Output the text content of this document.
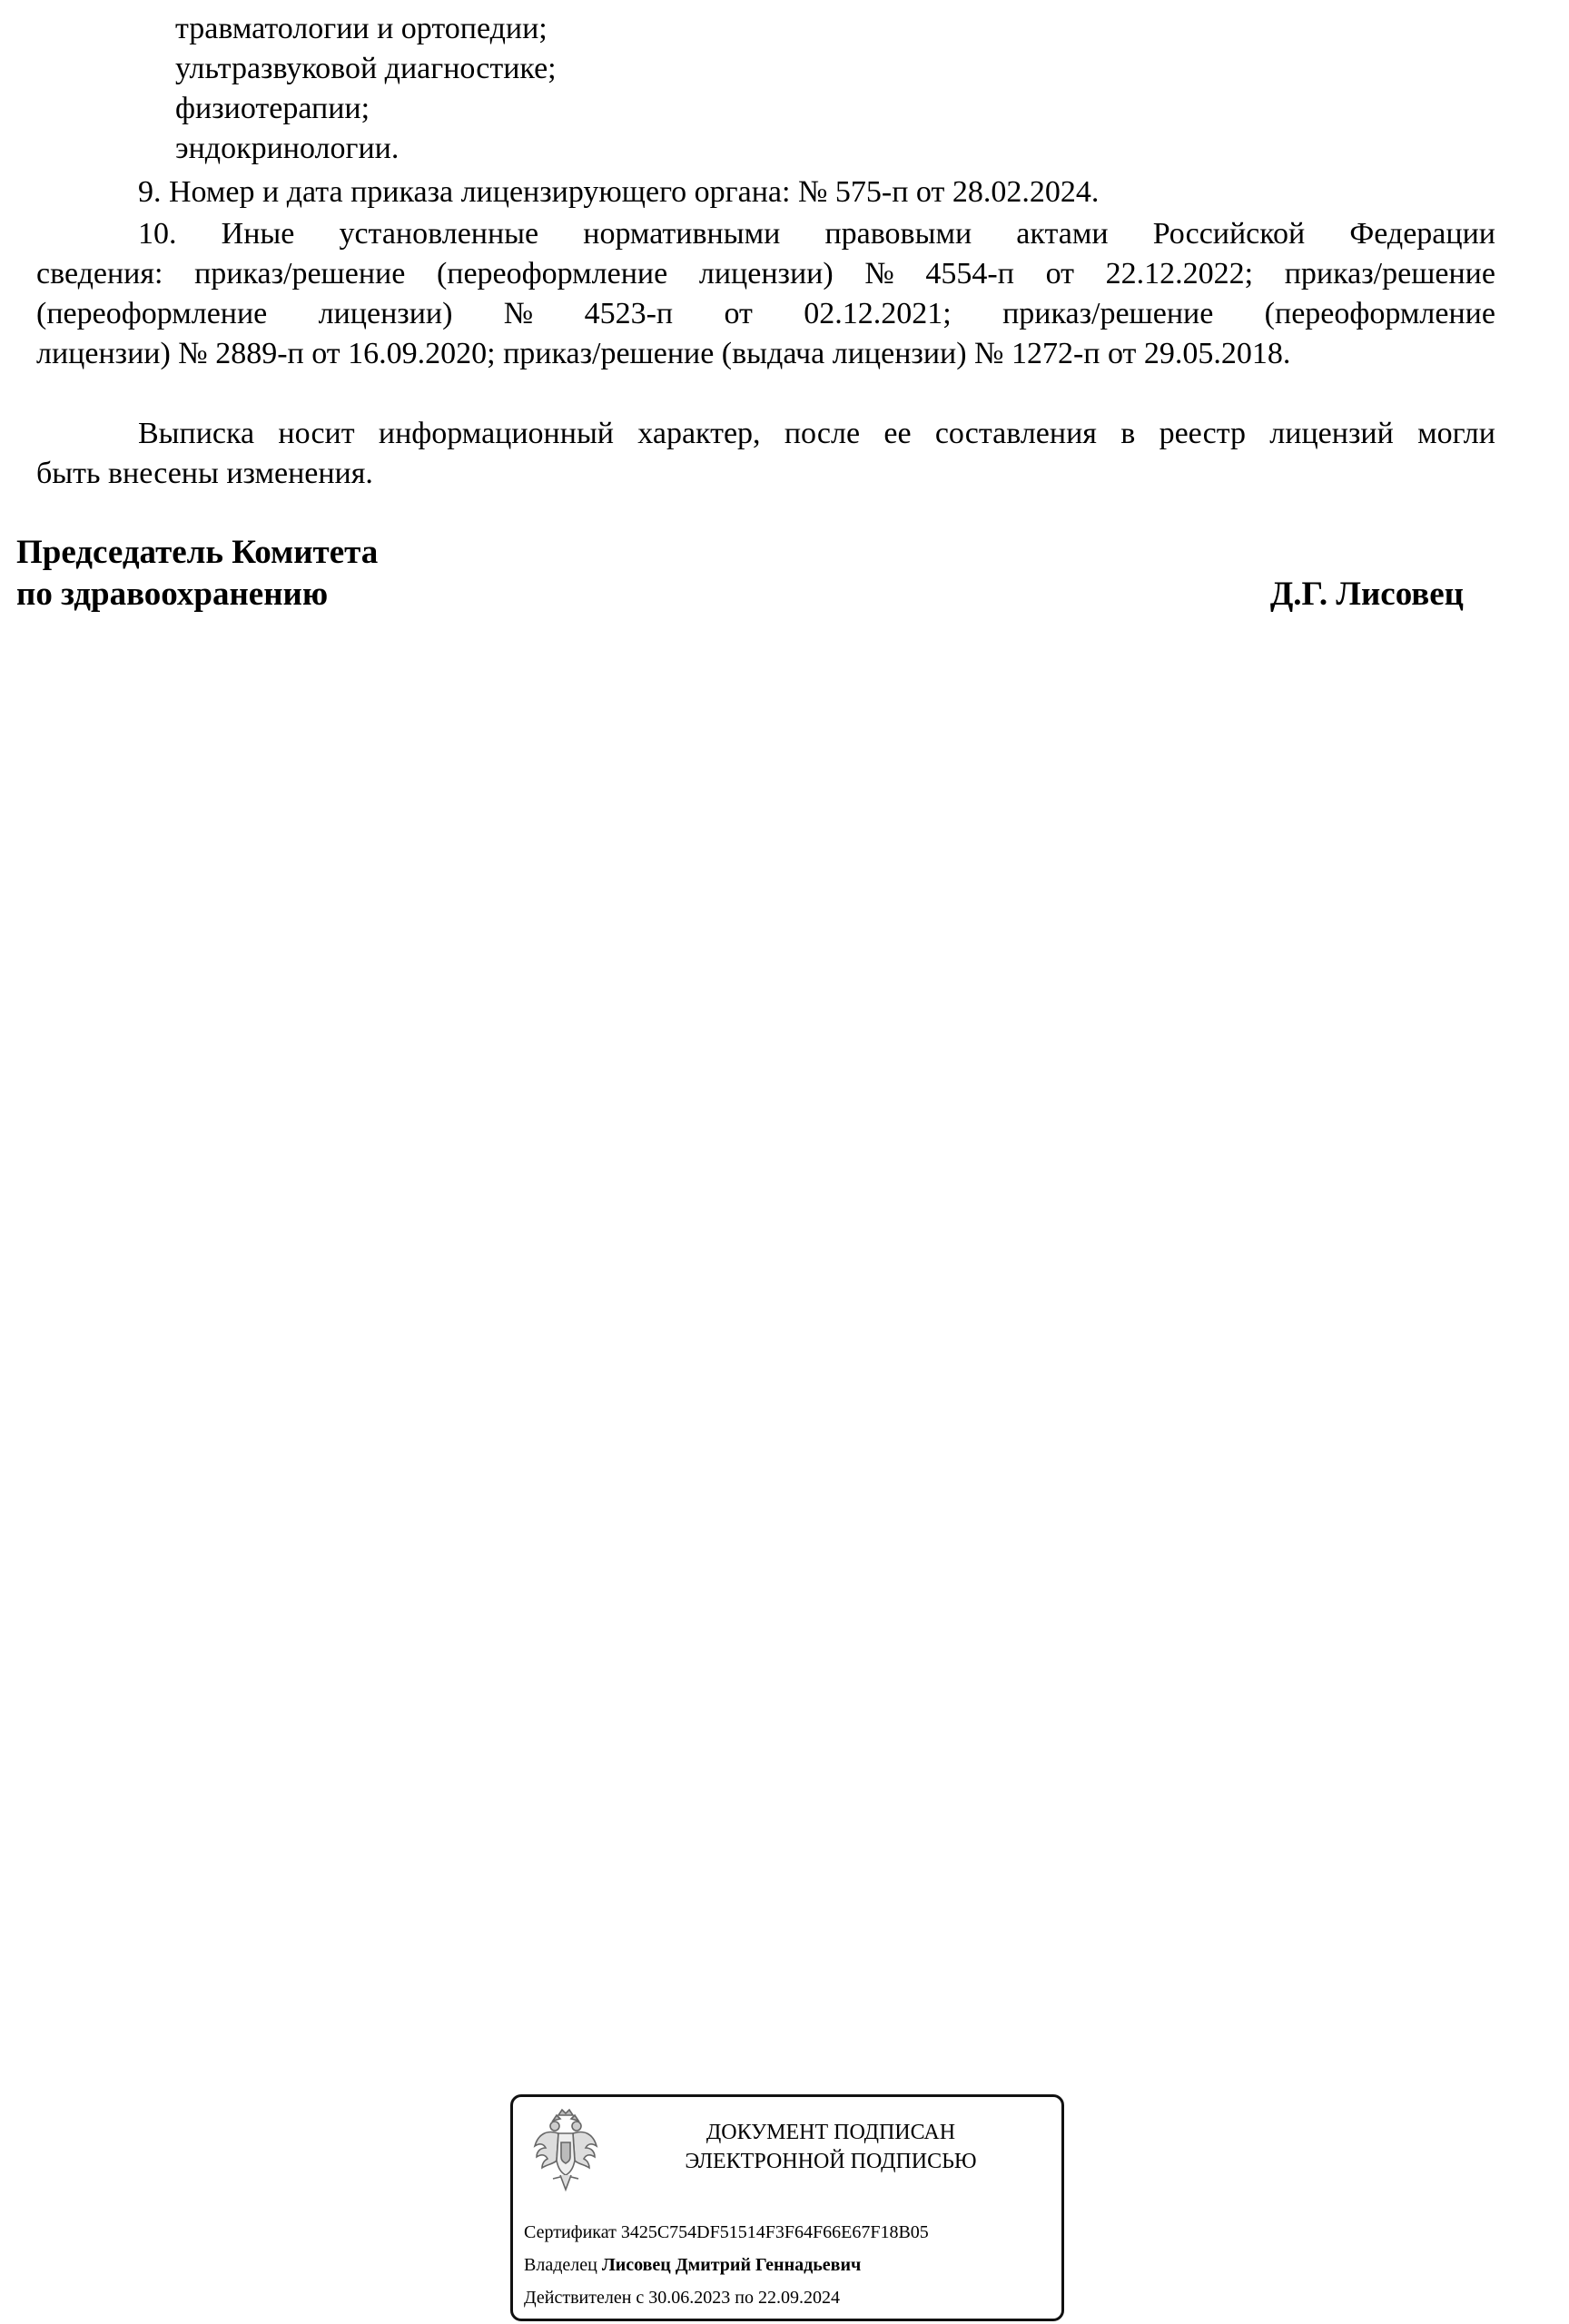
травматологии и ортопедии;
ультразвуковой диагностике;
физиотерапии;
эндокринологии.
9. Номер и дата приказа лицензирующего органа: № 575-п от 28.02.2024.
10. Иные установленные нормативными правовыми актами Российской Федерации
сведения: приказ/решение (переоформление лицензии) № 4554-п от 22.12.2022; приказ/решение
(переоформление лицензии) № 4523-п от 02.12.2021; приказ/решение (переоформление
лицензии) № 2889-п от 16.09.2020; приказ/решение (выдача лицензии) № 1272-п от 29.05.2018.
Выписка носит информационный характер, после ее составления в реестр лицензий могли
быть внесены изменения.
Председатель Комитета
по здравоохранению	Д.Г. Лисовец
ДОКУМЕНТ ПОДПИСАН
ЭЛЕКТРОННОЙ ПОДПИСЬЮ
Сертификат 3425C754DF51514F3F64F66E67F18B05
Владелец Лисовец Дмитрий Геннадьевич
Действителен с 30.06.2023 по 22.09.2024
